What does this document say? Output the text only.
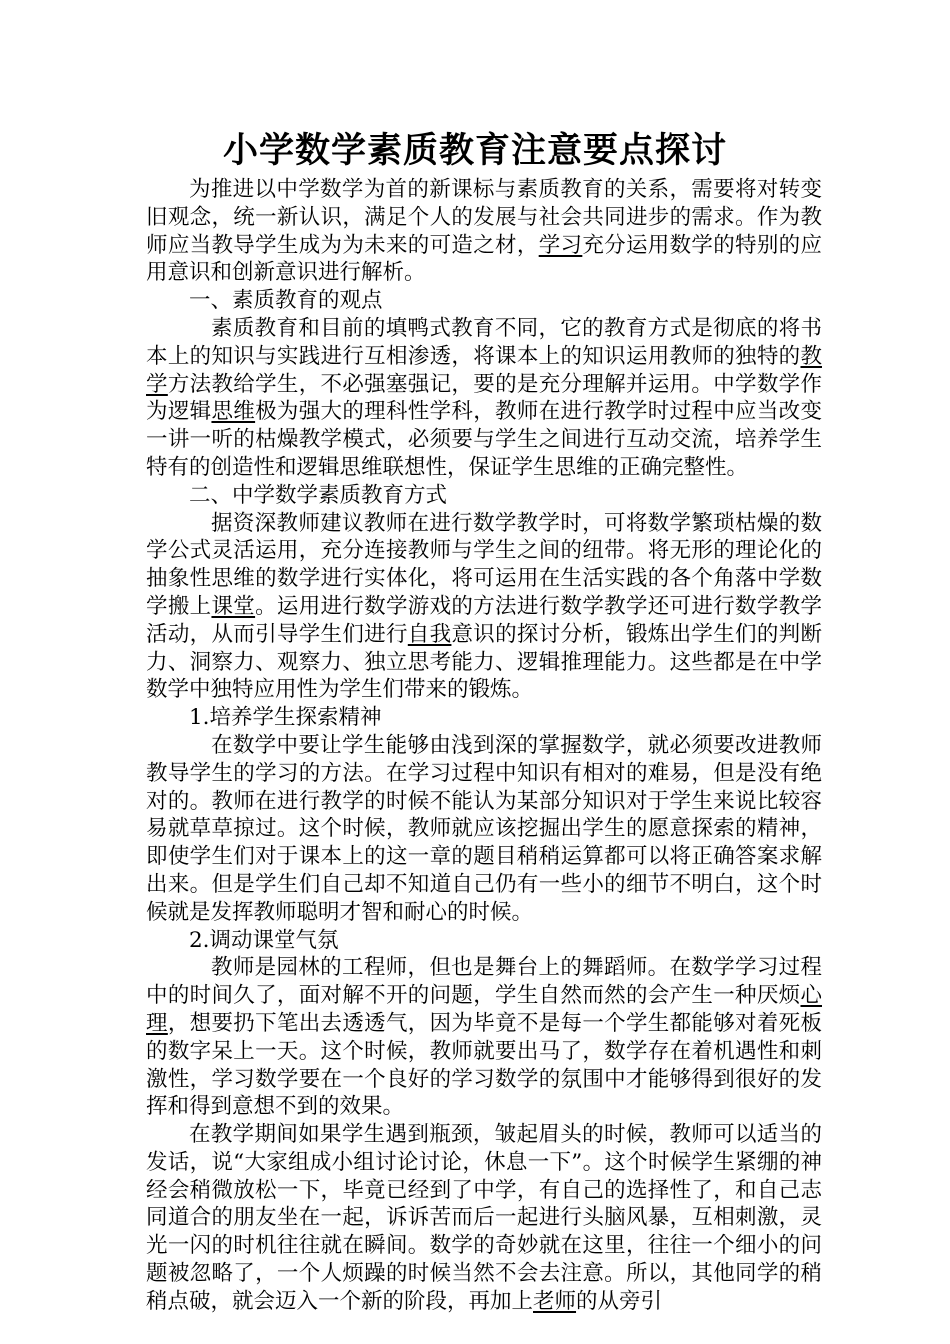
小学数学素质教育注意要点探讨

为推进以中学数学为首的新课标与素质教育的关系，需要将对转变旧观念，统一新认识，满足个人的发展与社会共同进步的需求。作为教师应当教导学生成为为未来的可造之材，学习充分运用数学的特别的应用意识和创新意识进行解析。

一、素质教育的观点

素质教育和目前的填鸭式教育不同，它的教育方式是彻底的将书本上的知识与实践进行互相渗透，将课本上的知识运用教师的独特的教学方法教给学生，不必强塞强记，要的是充分理解并运用。中学数学作为逻辑思维极为强大的理科性学科，教师在进行教学时过程中应当改变一讲一听的枯燥教学模式，必须要与学生之间进行互动交流，培养学生特有的创造性和逻辑思维联想性，保证学生思维的正确完整性。

二、中学数学素质教育方式

据资深教师建议教师在进行数学教学时，可将数学繁琐枯燥的数学公式灵活运用，充分连接教师与学生之间的纽带。将无形的理论化的抽象性思维的数学进行实体化，将可运用在生活实践的各个角落中学数学搬上课堂。运用进行数学游戏的方法进行数学教学还可进行数学教学活动，从而引导学生们进行自我意识的探讨分析，锻炼出学生们的判断力、洞察力、观察力、独立思考能力、逻辑推理能力。这些都是在中学数学中独特应用性为学生们带来的锻炼。

1.培养学生探索精神

在数学中要让学生能够由浅到深的掌握数学，就必须要改进教师教导学生的学习的方法。在学习过程中知识有相对的难易，但是没有绝对的。教师在进行教学的时候不能认为某部分知识对于学生来说比较容易就草草掠过。这个时候，教师就应该挖掘出学生的愿意探索的精神，即使学生们对于课本上的这一章的题目稍稍运算都可以将正确答案求解出来。但是学生们自己却不知道自己仍有一些小的细节不明白，这个时候就是发挥教师聪明才智和耐心的时候。

2.调动课堂气氛

教师是园林的工程师，但也是舞台上的舞蹈师。在数学学习过程中的时间久了，面对解不开的问题，学生自然而然的会产生一种厌烦心理，想要扔下笔出去透透气，因为毕竟不是每一个学生都能够对着死板的数字呆上一天。这个时候，教师就要出马了，数学存在着机遇性和刺激性，学习数学要在一个良好的学习数学的氛围中才能够得到很好的发挥和得到意想不到的效果。

在教学期间如果学生遇到瓶颈，皱起眉头的时候，教师可以适当的发话，说“大家组成小组讨论讨论，休息一下”。这个时候学生紧绷的神经会稍微放松一下，毕竟已经到了中学，有自己的选择性了，和自己志同道合的朋友坐在一起，诉诉苦而后一起进行头脑风暴，互相刺激，灵光一闪的时机往往就在瞬间。数学的奇妙就在这里，往往一个细小的问题被忽略了，一个人烦躁的时候当然不会去注意。所以，其他同学的稍稍点破，就会迈入一个新的阶段，再加上老师的从旁引
